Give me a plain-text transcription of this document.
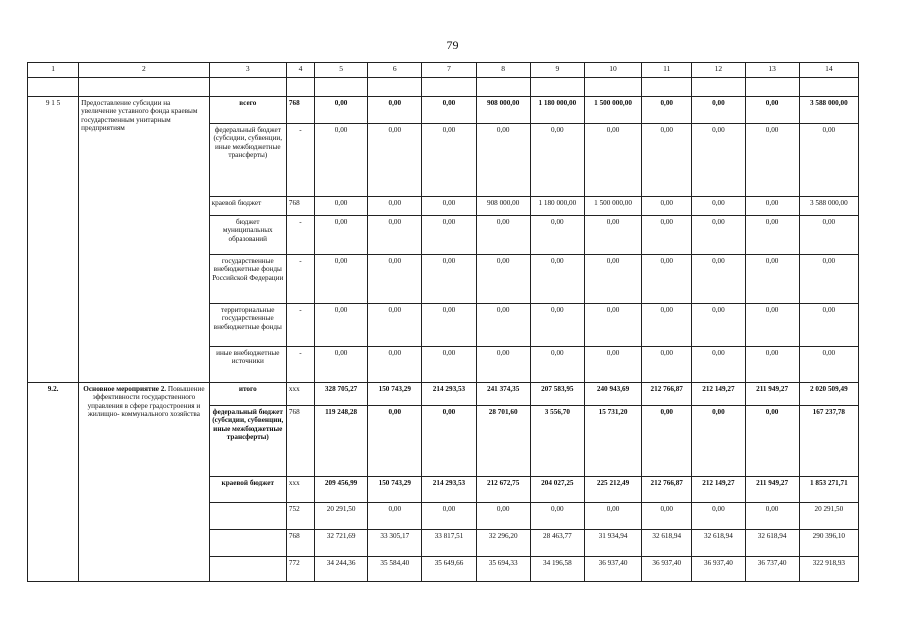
79
1	2	3	4	5	6	7	8	9	10	11	12	13	14

9 1 5	Предоставление субсидии на увеличение уставного фонда краевым государственным унитарным предприятиям	всего	768	0,00	0,00	0,00	908 000,00	1 180 000,00	1 500 000,00	0,00	0,00	0,00	3 588 000,00
		федеральный бюджет (субсидии, субвенции, иные межбюджетные трансферты)	-	0,00	0,00	0,00	0,00	0,00	0,00	0,00	0,00	0,00	0,00
		краевой бюджет	768	0,00	0,00	0,00	908 000,00	1 180 000,00	1 500 000,00	0,00	0,00	0,00	3 588 000,00
		бюджет муниципальных образований	-	0,00	0,00	0,00	0,00	0,00	0,00	0,00	0,00	0,00	0,00
		государственные внебюджетные фонды Российской Федерации	-	0,00	0,00	0,00	0,00	0,00	0,00	0,00	0,00	0,00	0,00
		территориальные государственные внебюджетные фонды	-	0,00	0,00	0,00	0,00	0,00	0,00	0,00	0,00	0,00	0,00
		иные внебюджетные источники	-	0,00	0,00	0,00	0,00	0,00	0,00	0,00	0,00	0,00	0,00
9.2.	Основное мероприятие 2. Повышение эффективности государственного управления в сфере градостроения и жилищно- коммунального хозяйства	итого	ххх	328 705,27	150 743,29	214 293,53	241 374,35	207 583,95	240 943,69	212 766,87	212 149,27	211 949,27	2 020 509,49
		федеральный бюджет (субсидии, субвенции, иные межбюджетные трансферты)	768	119 248,28	0,00	0,00	28 701,60	3 556,70	15 731,20	0,00	0,00	0,00	167 237,78
		краевой бюджет	ххх	209 456,99	150 743,29	214 293,53	212 672,75	204 027,25	225 212,49	212 766,87	212 149,27	211 949,27	1 853 271,71
			752	20 291,50	0,00	0,00	0,00	0,00	0,00	0,00	0,00	0,00	20 291,50
			768	32 721,69	33 305,17	33 817,51	32 296,20	28 463,77	31 934,94	32 618,94	32 618,94	32 618,94	290 396,10
			772	34 244,36	35 584,40	35 649,66	35 694,33	34 196,58	36 937,40	36 937,40	36 937,40	36 737,40	322 918,93
